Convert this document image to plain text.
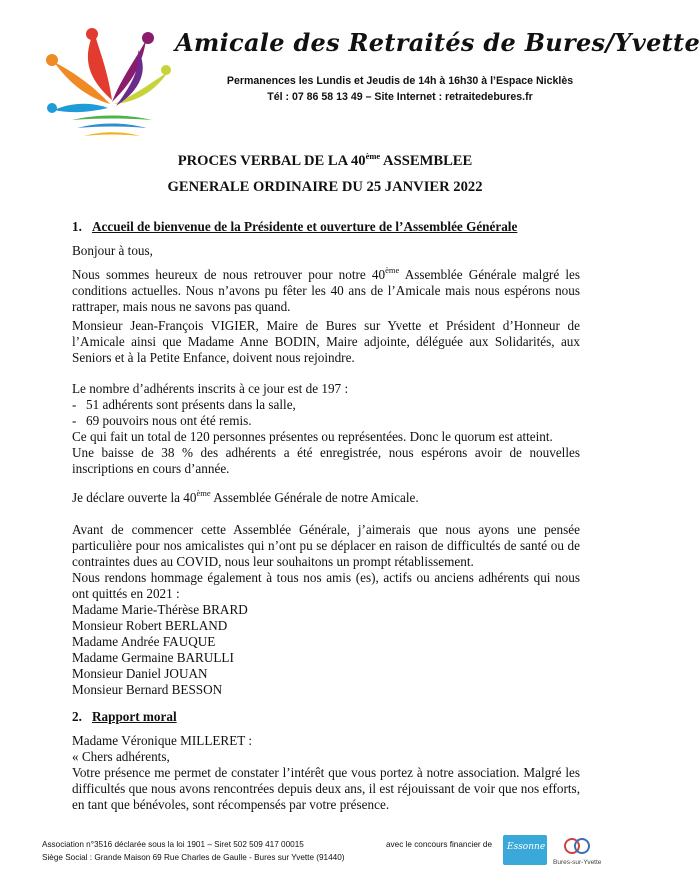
Amicale des Retraités de Bures/Yvette
Permanences les Lundis et Jeudis de 14h à 16h30 à l’Espace Nicklès
Tél : 07 86 58 13 49 – Site Internet : retraitedebures.fr
PROCES VERBAL DE LA 40ème ASSEMBLEE
GENERALE ORDINAIRE DU 25 JANVIER 2022
1. Accueil de bienvenue de la Présidente et ouverture de l’Assemblée Générale
Bonjour à tous,
Nous sommes heureux de nous retrouver pour notre 40ème Assemblée Générale malgré les conditions actuelles. Nous n’avons pu fêter les 40 ans de l’Amicale mais nous espérons nous rattraper, mais nous ne savons pas quand.
Monsieur Jean-François VIGIER, Maire de Bures sur Yvette et Président d’Honneur de l’Amicale ainsi que Madame Anne BODIN, Maire adjointe, déléguée aux Solidarités, aux Seniors et à la Petite Enfance, doivent nous rejoindre.
Le nombre d’adhérents inscrits à ce jour est de 197 :
- 51 adhérents sont présents dans la salle,
- 69 pouvoirs nous ont été remis.
Ce qui fait un total de 120 personnes présentes ou représentées. Donc le quorum est atteint.
Une baisse de 38 % des adhérents a été enregistrée, nous espérons avoir de nouvelles inscriptions en cours d’année.
Je déclare ouverte la 40ème Assemblée Générale de notre Amicale.
Avant de commencer cette Assemblée Générale, j’aimerais que nous ayons une pensée particulière pour nos amicalistes qui n’ont pu se déplacer en raison de difficultés de santé ou de contraintes dues au COVID, nous leur souhaitons un prompt rétablissement.
Nous rendons hommage également à tous nos amis (es), actifs ou anciens adhérents qui nous ont quittés en 2021 :
Madame Marie-Thérèse BRARD
Monsieur Robert BERLAND
Madame Andrée FAUQUE
Madame Germaine BARULLI
Monsieur Daniel JOUAN
Monsieur Bernard BESSON
2. Rapport moral
Madame Véronique MILLERET :
« Chers adhérents,
Votre présence me permet de constater l’intérêt que vous portez à notre association. Malgré les difficultés que nous avons rencontrées depuis deux ans, il est réjouissant de voir que nos efforts, en tant que bénévoles, sont récompensés par votre présence.
Association n°3516 déclarée sous la loi 1901 – Siret 502 509 417 00015
Siège Social : Grande Maison 69 Rue Charles de Gaulle - Bures sur Yvette (91440)
avec le concours financier de Essonne
Bures-sur-Yvette
